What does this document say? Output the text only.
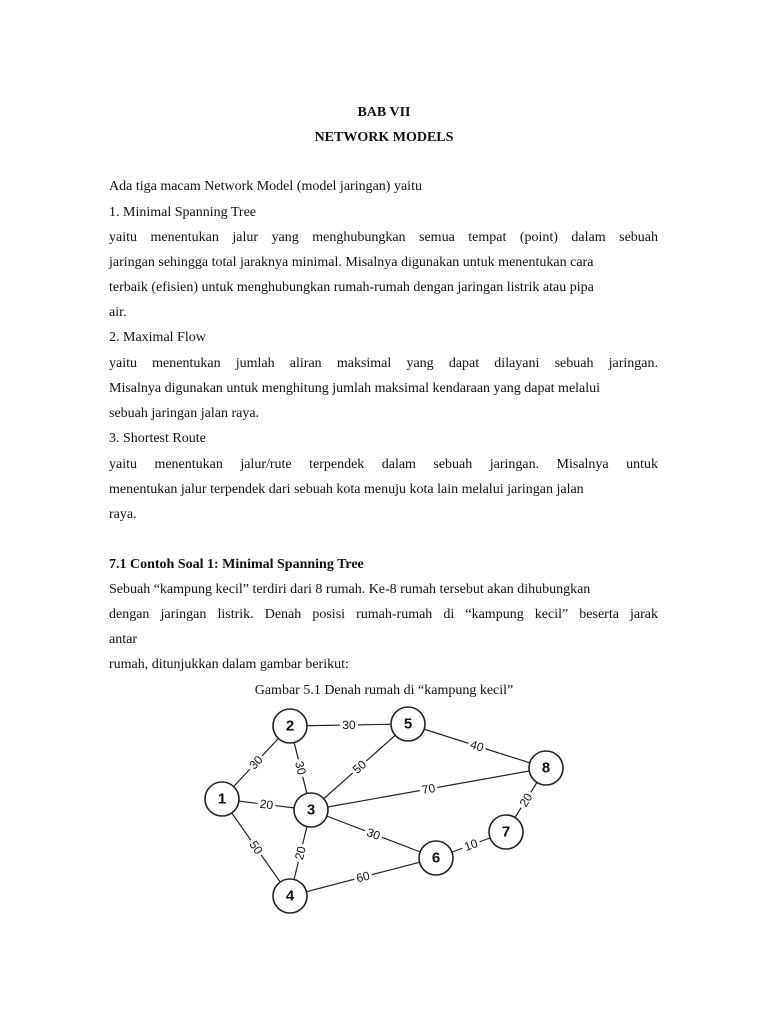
BAB VII

NETWORK MODELS

Ada tiga macam Network Model (model jaringan) yaitu

1. Minimal Spanning Tree

yaitu menentukan jalur yang menghubungkan semua tempat (point) dalam sebuah

jaringan sehingga total jaraknya minimal. Misalnya digunakan untuk menentukan cara

terbaik (efisien) untuk menghubungkan rumah-rumah dengan jaringan listrik atau pipa

air.

2. Maximal Flow

yaitu menentukan jumlah aliran maksimal yang dapat dilayani sebuah jaringan.

Misalnya digunakan untuk menghitung jumlah maksimal kendaraan yang dapat melalui

sebuah jaringan jalan raya.

3. Shortest Route

yaitu menentukan jalur/rute terpendek dalam sebuah jaringan. Misalnya untuk

menentukan jalur terpendek dari sebuah kota menuju kota lain melalui jaringan jalan

raya.

7.1 Contoh Soal 1: Minimal Spanning Tree

Sebuah “kampung kecil” terdiri dari 8 rumah. Ke-8 rumah tersebut akan dihubungkan

dengan jaringan listrik. Denah posisi rumah-rumah di “kampung kecil” beserta jarak

antar

rumah, ditunjukkan dalam gambar berikut:

Gambar 5.1 Denah rumah di “kampung kecil”

30
30
30
20
50
50
70
30
20
40
20
10
60
1
2
3
4
5
6
7
8
